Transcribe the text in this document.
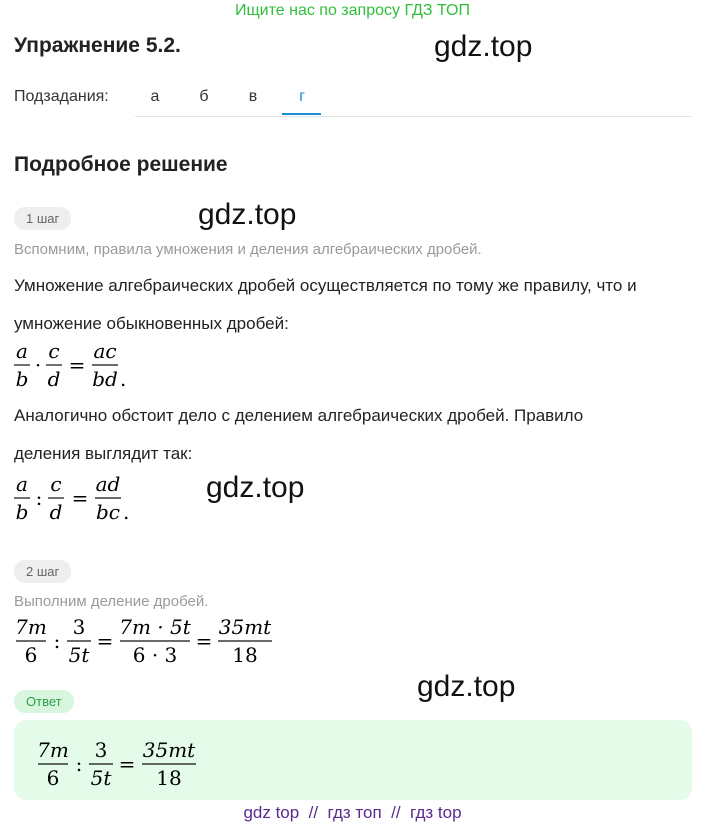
Ищите нас по запросу ГДЗ ТОП
Упражнение 5.2.	gdz.top
Подзадания:	а	б	в	г
Подробное решение
1 шаг	gdz.top
Вспомним, правила умножения и деления алгебраических дробей.
Умножение алгебраических дробей осуществляется по тому же правилу, что и
умножение обыкновенных дробей:
a
b
·
c
d
=
ac
bd .
Аналогично обстоит дело с делением алгебраических дробей. Правило
деления выглядит так:
a
b
:
c
d
=
ad
bc .
gdz.top
2 шаг
Выполним деление дробей.
7m
6
:
3
5t
=
7m · 5t
6 · 3
=
35mt
18
gdz.top
Ответ
7m
6
:
3
5t
=
35mt
18
gdz top  //  гдз топ  //  гдз top
